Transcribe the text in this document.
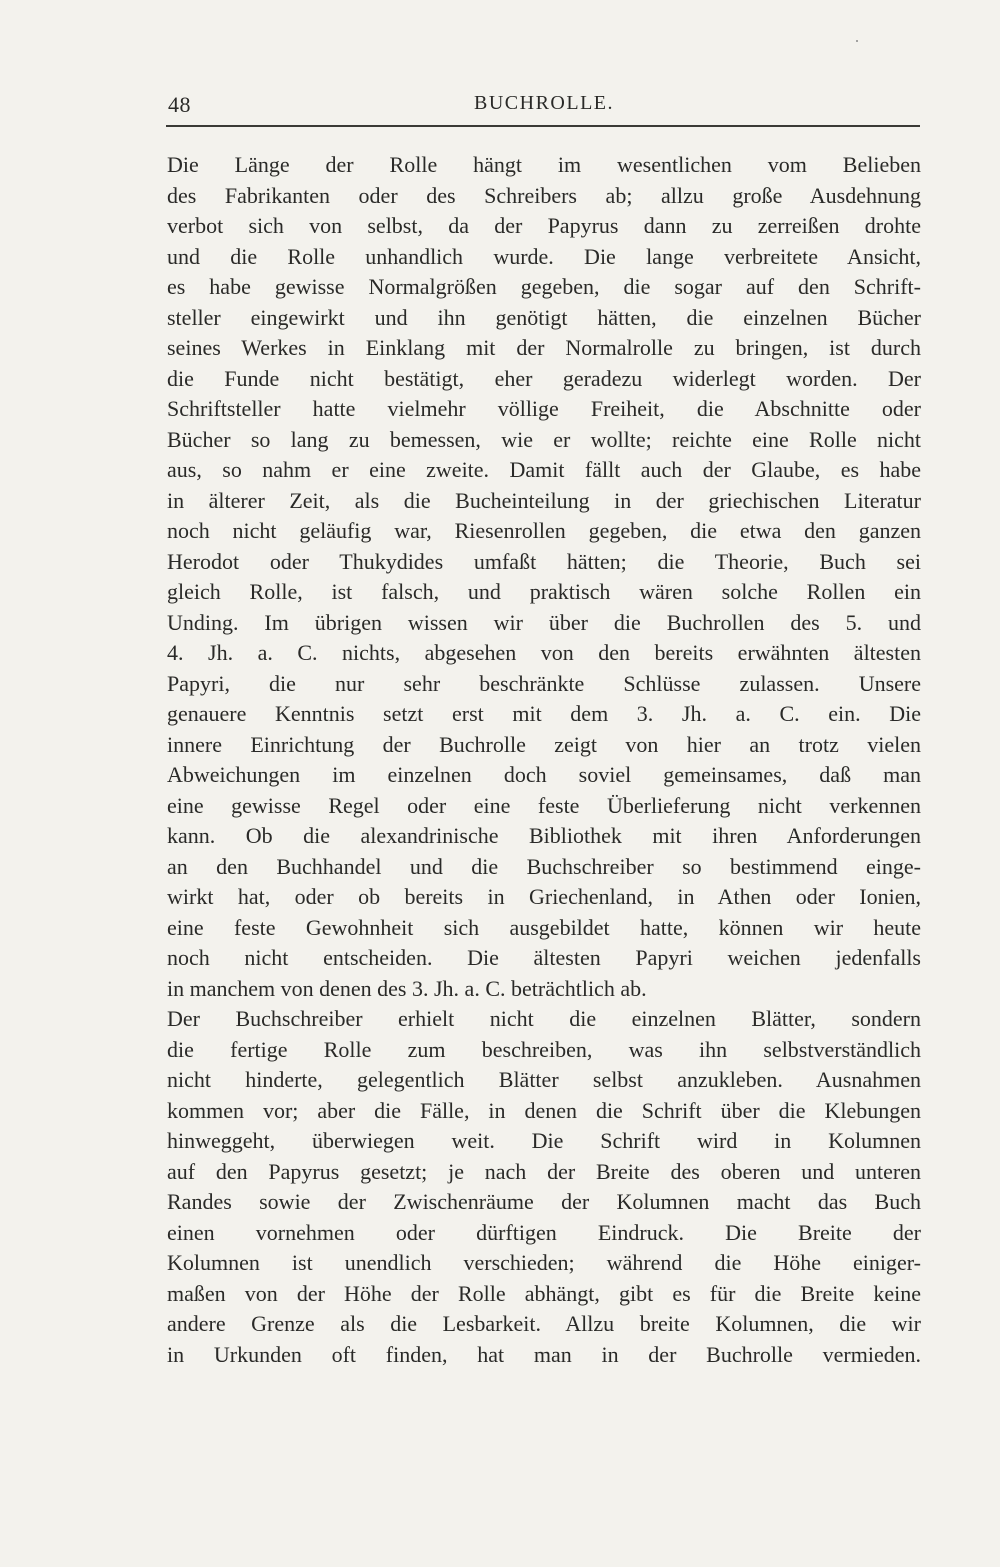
48	BUCHROLLE.
Die Länge der Rolle hängt im wesentlichen vom Belieben
des Fabrikanten oder des Schreibers ab; allzu große Ausdehnung
verbot sich von selbst, da der Papyrus dann zu zerreißen drohte
und die Rolle unhandlich wurde. Die lange verbreitete Ansicht,
es habe gewisse Normalgrößen gegeben, die sogar auf den Schrift-
steller eingewirkt und ihn genötigt hätten, die einzelnen Bücher
seines Werkes in Einklang mit der Normalrolle zu bringen, ist durch
die Funde nicht bestätigt, eher geradezu widerlegt worden. Der
Schriftsteller hatte vielmehr völlige Freiheit, die Abschnitte oder
Bücher so lang zu bemessen, wie er wollte; reichte eine Rolle nicht
aus, so nahm er eine zweite. Damit fällt auch der Glaube, es habe
in älterer Zeit, als die Bucheinteilung in der griechischen Literatur
noch nicht geläufig war, Riesenrollen gegeben, die etwa den ganzen
Herodot oder Thukydides umfaßt hätten; die Theorie, Buch sei
gleich Rolle, ist falsch, und praktisch wären solche Rollen ein
Unding. Im übrigen wissen wir über die Buchrollen des 5. und
4. Jh. a. C. nichts, abgesehen von den bereits erwähnten ältesten
Papyri, die nur sehr beschränkte Schlüsse zulassen. Unsere
genauere Kenntnis setzt erst mit dem 3. Jh. a. C. ein. Die
innere Einrichtung der Buchrolle zeigt von hier an trotz vielen
Abweichungen im einzelnen doch soviel gemeinsames, daß man
eine gewisse Regel oder eine feste Überlieferung nicht verkennen
kann. Ob die alexandrinische Bibliothek mit ihren Anforderungen
an den Buchhandel und die Buchschreiber so bestimmend einge-
wirkt hat, oder ob bereits in Griechenland, in Athen oder Ionien,
eine feste Gewohnheit sich ausgebildet hatte, können wir heute
noch nicht entscheiden. Die ältesten Papyri weichen jedenfalls
in manchem von denen des 3. Jh. a. C. beträchtlich ab.
Der Buchschreiber erhielt nicht die einzelnen Blätter, sondern
die fertige Rolle zum beschreiben, was ihn selbstverständlich
nicht hinderte, gelegentlich Blätter selbst anzukleben. Ausnahmen
kommen vor; aber die Fälle, in denen die Schrift über die Klebungen
hinweggeht, überwiegen weit. Die Schrift wird in Kolumnen
auf den Papyrus gesetzt; je nach der Breite des oberen und unteren
Randes sowie der Zwischenräume der Kolumnen macht das Buch
einen vornehmen oder dürftigen Eindruck. Die Breite der
Kolumnen ist unendlich verschieden; während die Höhe einiger-
maßen von der Höhe der Rolle abhängt, gibt es für die Breite keine
andere Grenze als die Lesbarkeit. Allzu breite Kolumnen, die wir
in Urkunden oft finden, hat man in der Buchrolle vermieden.
